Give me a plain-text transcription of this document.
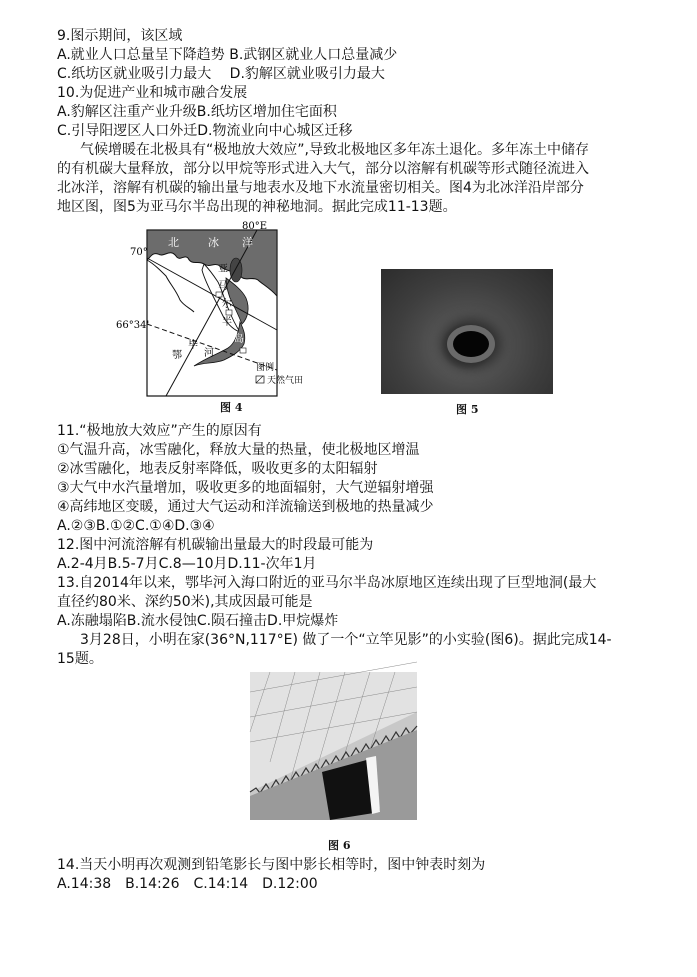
9.图示期间，该区域
A.就业人口总量呈下降趋势 B.武钢区就业人口总量减少
C.纸坊区就业吸引力最大　 D.豹解区就业吸引力最大
10.为促进产业和城市融合发展
A.豹解区注重产业升级B.纸坊区增加住宅面积
C.引导阳逻区人口外迁D.物流业向中心城区迁移
气候增暖在北极具有“极地放大效应”,导致北极地区多年冻土退化。多年冻土中储存
的有机碳大量释放，部分以甲烷等形式进入大气，部分以溶解有机碳等形式随径流进入
北冰洋，溶解有机碳的输出量与地表水及地下水流量密切相关。图4为北冰洋沿岸部分
地区图，图5为亚马尔半岛出现的神秘地洞。据此完成11-13题。
80°E
70°
66°34'
北	冰 洋
亚
马
尔
半
岛
鄂
毕
河
图例
天然气田
图 4	图 5
11.“极地放大效应”产生的原因有
①气温升高，冰雪融化，释放大量的热量，使北极地区增温
②冰雪融化，地表反射率降低，吸收更多的太阳辐射
③大气中水汽量增加，吸收更多的地面辐射，大气逆辐射增强
④高纬地区变暖，通过大气运动和洋流输送到极地的热量减少
A.②③B.①②C.①④D.③④
12.图中河流溶解有机碳输出量最大的时段最可能为
A.2-4月B.5-7月C.8—10月D.11-次年1月
13.自2014年以来，鄂毕河入海口附近的亚马尔半岛冰原地区连续出现了巨型地洞(最大
直径约80米、深约50米),其成因最可能是
A.冻融塌陷B.流水侵蚀C.陨石撞击D.甲烷爆炸
3月28日，小明在家(36°N,117°E) 做了一个“立竿见影”的小实验(图6)。据此完成14-
15题。
图 6
14.当天小明再次观测到铅笔影长与图中影长相等时，图中钟表时刻为
A.14:38　B.14:26　C.14:14　D.12:00
